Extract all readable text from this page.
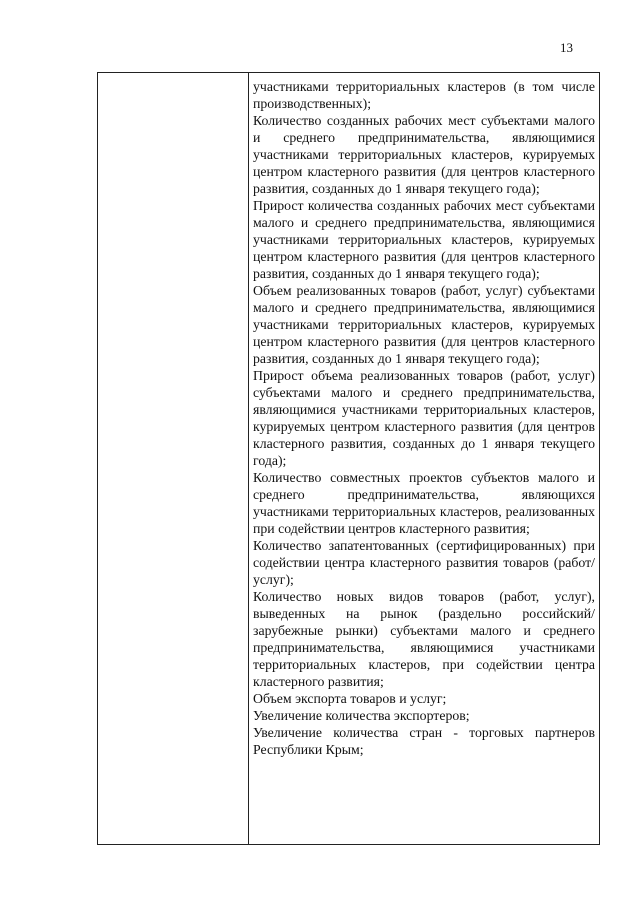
13

участниками территориальных кластеров (в том числе производственных);

Количество созданных рабочих мест субъектами малого и среднего предпринимательства, являющимися участниками территориальных кластеров, курируемых центром кластерного развития (для центров кластерного развития, созданных до 1 января текущего года);

Прирост количества созданных рабочих мест субъектами малого и среднего предпринимательства, являющимися участниками территориальных кластеров, курируемых центром кластерного развития (для центров кластерного развития, созданных до 1 января текущего года);

Объем реализованных товаров (работ, услуг) субъектами малого и среднего предпринимательства, являющимися участниками территориальных кластеров, курируемых центром кластерного развития (для центров кластерного развития, созданных до 1 января текущего года);

Прирост объема реализованных товаров (работ, услуг) субъектами малого и среднего предпринимательства, являющимися участниками территориальных кластеров, курируемых центром кластерного развития (для центров кластерного развития, созданных до 1 января текущего года);

Количество совместных проектов субъектов малого и среднего предпринимательства, являющихся участниками территориальных кластеров, реализованных при содействии центров кластерного развития;

Количество запатентованных (сертифицированных) при содействии центра кластерного развития товаров (работ/услуг);

Количество новых видов товаров (работ, услуг), выведенных на рынок (раздельно российский/зарубежные рынки) субъектами малого и среднего предпринимательства, являющимися участниками территориальных кластеров, при содействии центра кластерного развития;

Объем экспорта товаров и услуг;

Увеличение количества экспортеров;

Увеличение количества стран - торговых партнеров Республики Крым;
